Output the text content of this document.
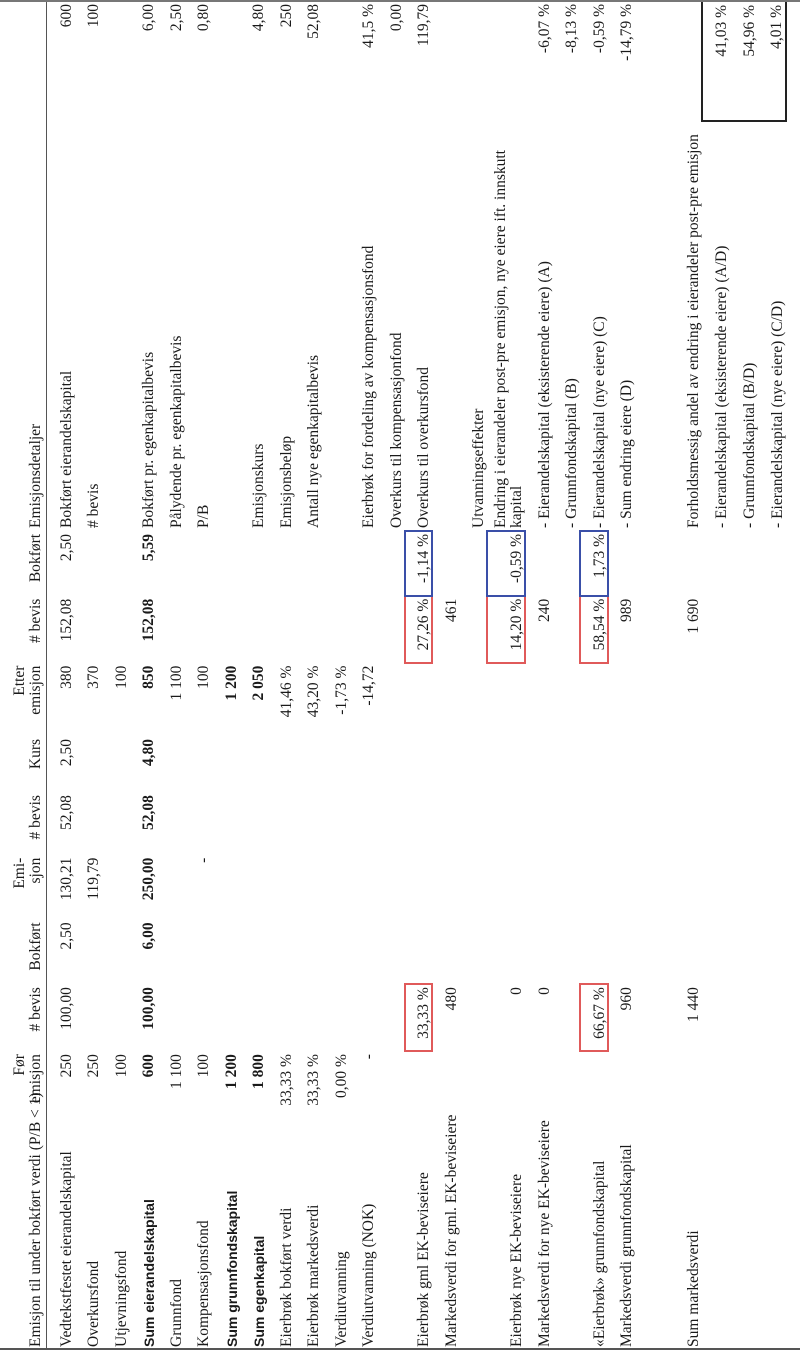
Emisjon til under bokført verdi (P/B < 1)	Før emisjon	# bevis	Bokført	Emi- sjon	# bevis	Kurs	Etter emisjon	# bevis	Bokført	Emisjonsdetaljer	
Vedtekstfestet eierandelskapital	250	100,00	2,50	130,21	52,08	2,50	380	152,08	2,50	Bokført eierandelskapital	600
Overkursfond	250			119,79			370			# bevis	100
Utjevningsfond	100						100				
Sum eierandelskapital	600	100,00	6,00	250,00	52,08	4,80	850	152,08	5,59	Bokført pr. egenkapitalbevis	6,00
Grunnfond	1 100						1 100			Pålydende pr. egenkapitalbevis	2,50
Kompensasjonsfond	100			-			100			P/B	0,80
Sum grunnfondskapital	1 200						1 200				
Sum egenkapital	1 800						2 050			Emisjonskurs	4,80
Eierbrøk bokført verdi	33,33 %						41,46 %			Emisjonsbeløp	250
Eierbrøk markedsverdi	33,33 %						43,20 %			Antall nye egenkapitalbevis	52,08
Verdiutvanning	0,00 %						-1,73 %				
Verdiutvanning (NOK)	-						-14,72			Eierbrøk for fordeling av kompensasjonsfond	41,5 %
										Overkurs til kompensasjonfond	0,00
Eierbrøk gml EK-beviseiere		33,33 %						27,26 %	-1,14 %	Overkurs til overkursfond	119,79
Markedsverdi for gml. EK-beviseiere		480						461			
										Utvanningseffekter	
Eierbrøk nye EK-beviseiere		0						14,20 %	-0,59 %	Endring i eierandeler post-pre emisjon, nye eiere ift. innskutt kapital	
Markedsverdi for nye EK-beviseiere		0						240		- Eierandelskapital (eksisterende eiere) (A)	-6,07 %
										- Grunnfondskapital (B)	-8,13 %
«Eierbrøk» grunnfondskapital		66,67 %						58,54 %	1,73 %	- Eierandelskapital (nye eiere) (C)	-0,59 %
Markedsverdi grunnfondskapital		960						989		- Sum endring eiere (D)	-14,79 %

Sum markedsverdi		1 440						1 690		Forholdsmessig andel av endring i eierandeler post-pre emisjon	
										- Eierandelskapital (eksisterende eiere) (A/D)	41,03 %
										- Grunnfondskapital (B/D)	54,96 %
										- Eierandelskapital (nye eiere) (C/D)	4,01 %
